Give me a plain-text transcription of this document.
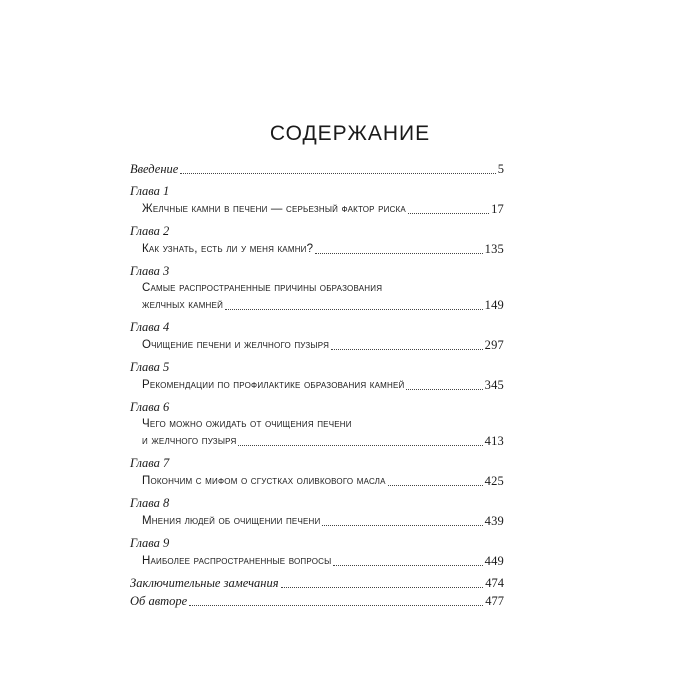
СОДЕРЖАНИЕ
Введение	5
Глава 1
Желчные камни в печени — серьезный фактор риска	17
Глава 2
Как узнать, есть ли у меня камни?	135
Глава 3
Самые распространенные причины образования
желчных камней	149
Глава 4
Очищение печени и желчного пузыря	297
Глава 5
Рекомендации по профилактике образования камней	345
Глава 6
Чего можно ожидать от очищения печени
и желчного пузыря	413
Глава 7
Покончим с мифом о сгустках оливкового масла	425
Глава 8
Мнения людей об очищении печени	439
Глава 9
Наиболее распространенные вопросы	449
Заключительные замечания	474
Об авторе	477
